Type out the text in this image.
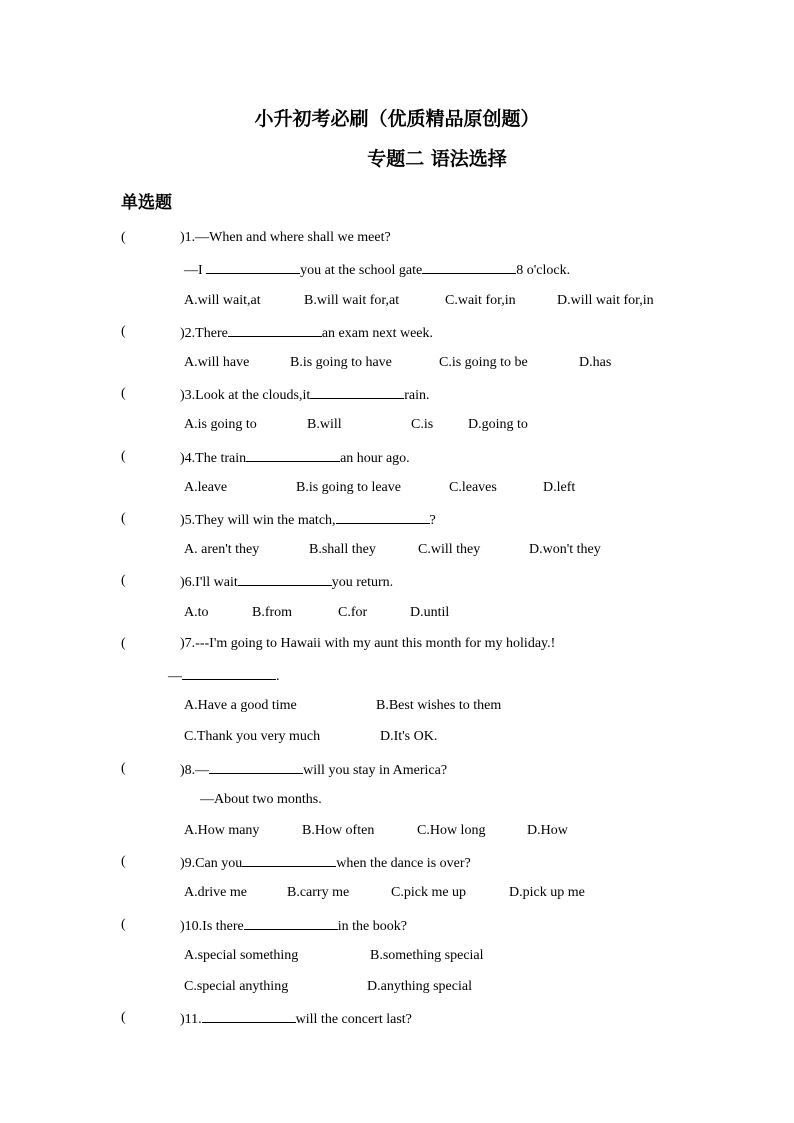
小升初考必刷（优质精品原创题）
专题二 语法选择
单选题
(	)1.—When and where shall we meet?
—I	you at the school gate	8 o'clock.
A.will wait,at	B.will wait for,at	C.wait for,in	D.will wait for,in
(	)2.There	an exam next week.
A.will have	B.is going to have	C.is going to be	D.has
(	)3.Look at the clouds,it	rain.
A.is going to	B.will	C.is D.going to
(	)4.The train	an hour ago.
A.leave	B.is going to leave	C.leaves	D.left
(	)5.They will win the match,	?
A. aren't they	B.shall they	C.will they	D.won't they
(	)6.I'll wait	you return.
A.to	B.from	C.for	D.until
(	)7.---I'm going to Hawaii with my aunt this month for my holiday.!
—	.
A.Have a good time	B.Best wishes to them
C.Thank you very much	D.It's OK.
(	)8.—	will you stay in America?
—About two months.
A.How many	B.How often	C.How long	D.How
(	)9.Can you	when the dance is over?
A.drive me	B.carry me	C.pick me up	D.pick up me
(	)10.Is there	in the book?
A.special something	B.something special
C.special anything	D.anything special
(	)11.	will the concert last?
